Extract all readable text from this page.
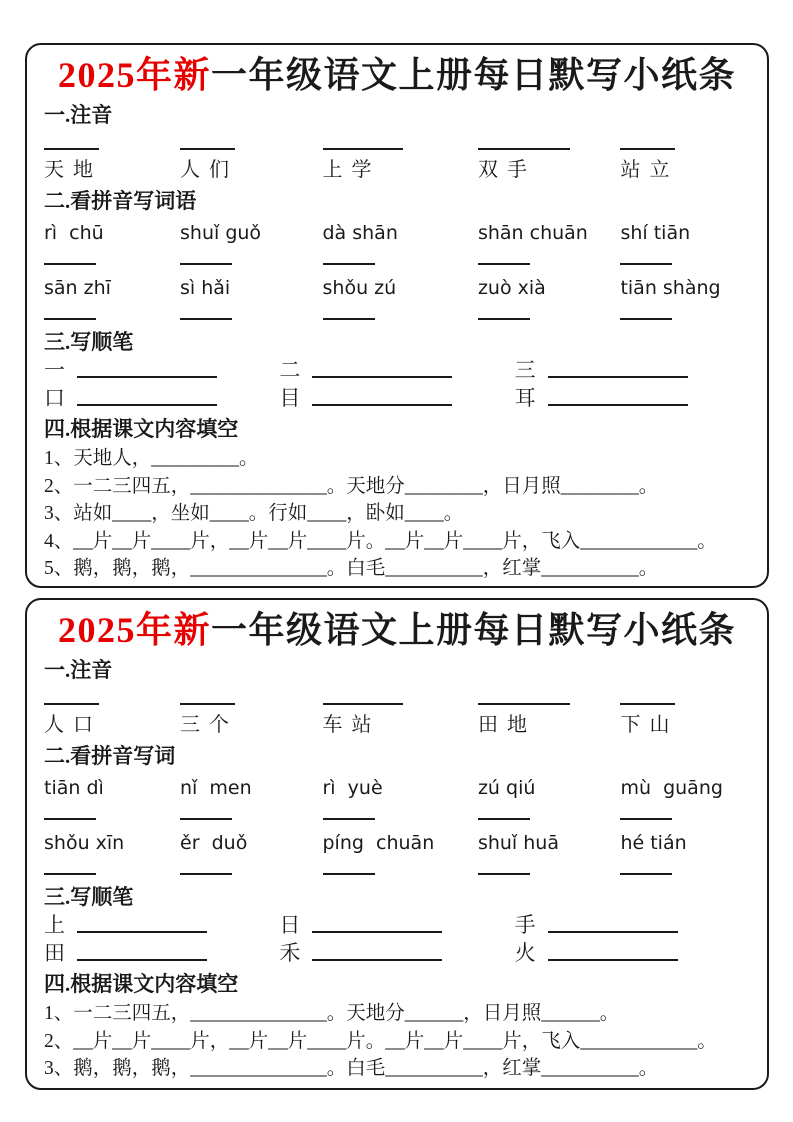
2025年新一年级语文上册每日默写小纸条
一.注音
天 地	人 们	上 学	双 手	站 立
二.看拼音写词语
rì  chū	shuǐ guǒ	dà shān	shān chuān	shí tiān
sān zhī	sì hǎi	shǒu zú	zuò xià	tiān shàng
三.写顺笔
一	二	三
口	目	耳
四.根据课文内容填空
1、天地人，_________。
2、一二三四五，______________。天地分________，日月照________。
3、站如____，坐如____。行如____，卧如____。
4、__片__片____片，__片__片____片。__片__片____片，飞入____________。
5、鹅，鹅，鹅，______________。白毛__________，红掌__________。
2025年新一年级语文上册每日默写小纸条
一.注音
人 口	三 个	车 站	田 地	下 山
二.看拼音写词
tiān dì	nǐ  men	rì  yuè	zú qiú	mù  guāng
shǒu xīn	ěr  duǒ	píng  chuān	shuǐ huā	hé tián
三.写顺笔
上	日	手
田	禾	火
四.根据课文内容填空
1、一二三四五，______________。天地分______，日月照______。
2、__片__片____片，__片__片____片。__片__片____片，飞入____________。
3、鹅，鹅，鹅，______________。白毛__________，红掌__________。
